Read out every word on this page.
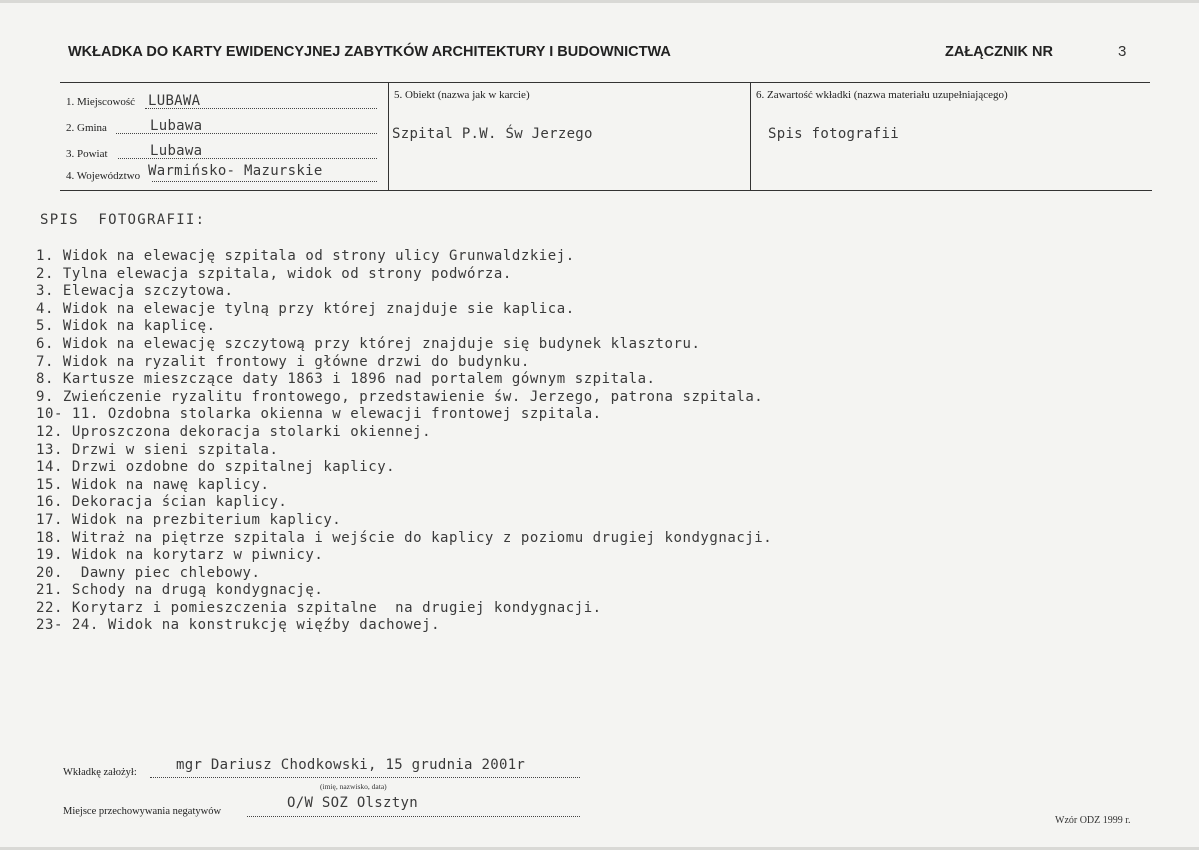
WKŁADKA DO KARTY EWIDENCYJNEJ ZABYTKÓW ARCHITEKTURY I BUDOWNICTWA	ZAŁĄCZNIK NR	3
1. Miejscowość LUBAWA
2. Gmina	Lubawa
3. Powiat	Lubawa
4. Województwo Warmińsko- Mazurskie
5. Obiekt (nazwa jak w karcie)
Szpital P.W. Św Jerzego
6. Zawartość wkładki (nazwa materiału uzupełniającego)
Spis fotografii
SPIS  FOTOGRAFII:
1. Widok na elewację szpitala od strony ulicy Grunwaldzkiej.
2. Tylna elewacja szpitala, widok od strony podwórza.
3. Elewacja szczytowa.
4. Widok na elewacje tylną przy której znajduje sie kaplica.
5. Widok na kaplicę.
6. Widok na elewację szczytową przy której znajduje się budynek klasztoru.
7. Widok na ryzalit frontowy i główne drzwi do budynku.
8. Kartusze mieszczące daty 1863 i 1896 nad portalem gównym szpitala.
9. Zwieńczenie ryzalitu frontowego, przedstawienie św. Jerzego, patrona szpitala.
10- 11. Ozdobna stolarka okienna w elewacji frontowej szpitala.
12. Uproszczona dekoracja stolarki okiennej.
13. Drzwi w sieni szpitala.
14. Drzwi ozdobne do szpitalnej kaplicy.
15. Widok na nawę kaplicy.
16. Dekoracja ścian kaplicy.
17. Widok na prezbiterium kaplicy.
18. Witraż na piętrze szpitala i wejście do kaplicy z poziomu drugiej kondygnacji.
19. Widok na korytarz w piwnicy.
20.  Dawny piec chlebowy.
21. Schody na drugą kondygnację.
22. Korytarz i pomieszczenia szpitalne  na drugiej kondygnacji.
23- 24. Widok na konstrukcję więźby dachowej.
Wkładkę założył:	mgr Dariusz Chodkowski, 15 grudnia 2001r
(imię, nazwisko, data)
Miejsce przechowywania negatywów
O/W SOZ Olsztyn
Wzór ODZ 1999 r.
